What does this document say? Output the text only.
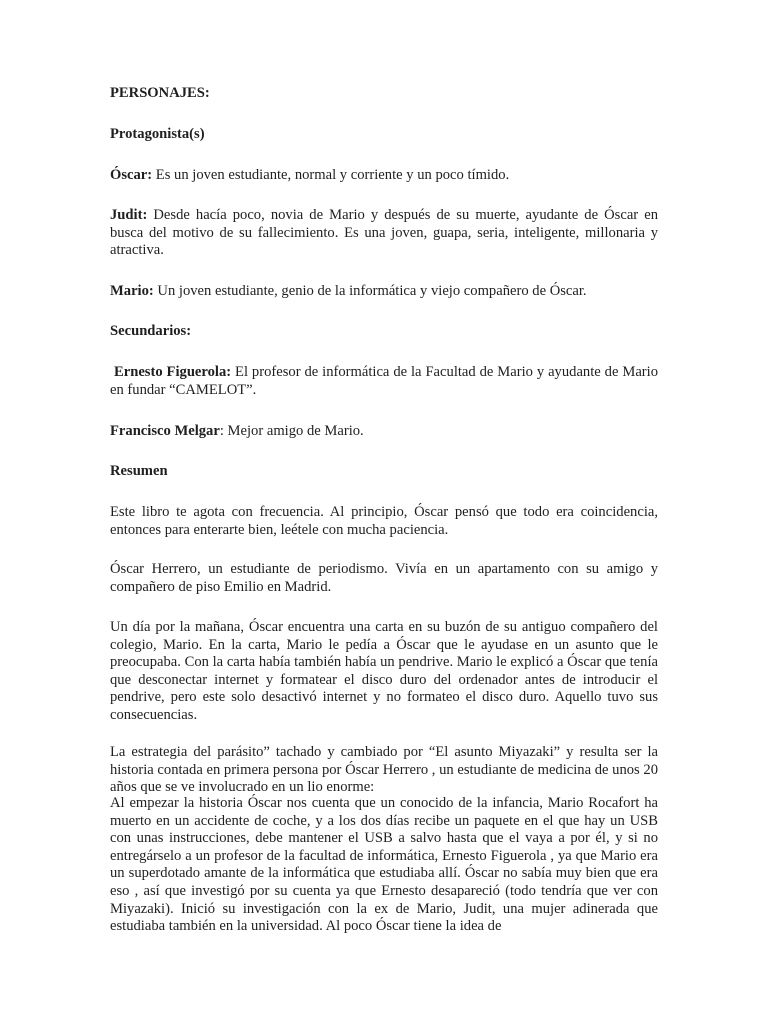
PERSONAJES:

Protagonista(s)

Óscar: Es un joven estudiante, normal y corriente y un poco tímido.

Judit: Desde hacía poco, novia de Mario y después de su muerte, ayudante de Óscar en busca del motivo de su fallecimiento. Es una joven, guapa, seria, inteligente, millonaria y atractiva.

Mario: Un joven estudiante, genio de la informática y viejo compañero de Óscar.

Secundarios:

Ernesto Figuerola: El profesor de informática de la Facultad de Mario y ayudante de Mario en fundar “CAMELOT”.

Francisco Melgar: Mejor amigo de Mario.

Resumen

Este libro te agota con frecuencia. Al principio, Óscar pensó que todo era coincidencia, entonces para enterarte bien, leétele con mucha paciencia.

Óscar Herrero, un estudiante de periodismo. Vivía en un apartamento con su amigo y compañero de piso Emilio en Madrid.

Un día por la mañana, Óscar encuentra una carta en su buzón de su antiguo compañero del colegio, Mario. En la carta, Mario le pedía a Óscar que le ayudase en un asunto que le preocupaba. Con la carta había también había un pendrive. Mario le explicó a Óscar que tenía que desconectar internet y formatear el disco duro del ordenador antes de introducir el pendrive, pero este solo desactivó internet y no formateo el disco duro. Aquello tuvo sus consecuencias.

La estrategia del parásito” tachado y cambiado por “El asunto Miyazaki” y resulta ser la historia contada en primera persona por Óscar Herrero , un estudiante de medicina de unos 20 años que se ve involucrado en un lio enorme:

Al empezar la historia Óscar nos cuenta que un conocido de la infancia, Mario Rocafort ha muerto en un accidente de coche, y a los dos días recibe un paquete en el que hay un USB con unas instrucciones, debe mantener el USB a salvo hasta que el vaya a por él, y si no entregárselo a un profesor de la facultad de informática, Ernesto Figuerola , ya que Mario era un superdotado amante de la informática que estudiaba allí. Óscar no sabía muy bien que era eso , así que investigó por su cuenta ya que Ernesto desapareció (todo tendría que ver con Miyazaki). Inició su investigación con la ex de Mario, Judit, una mujer adinerada que estudiaba también en la universidad. Al poco Óscar tiene la idea de
